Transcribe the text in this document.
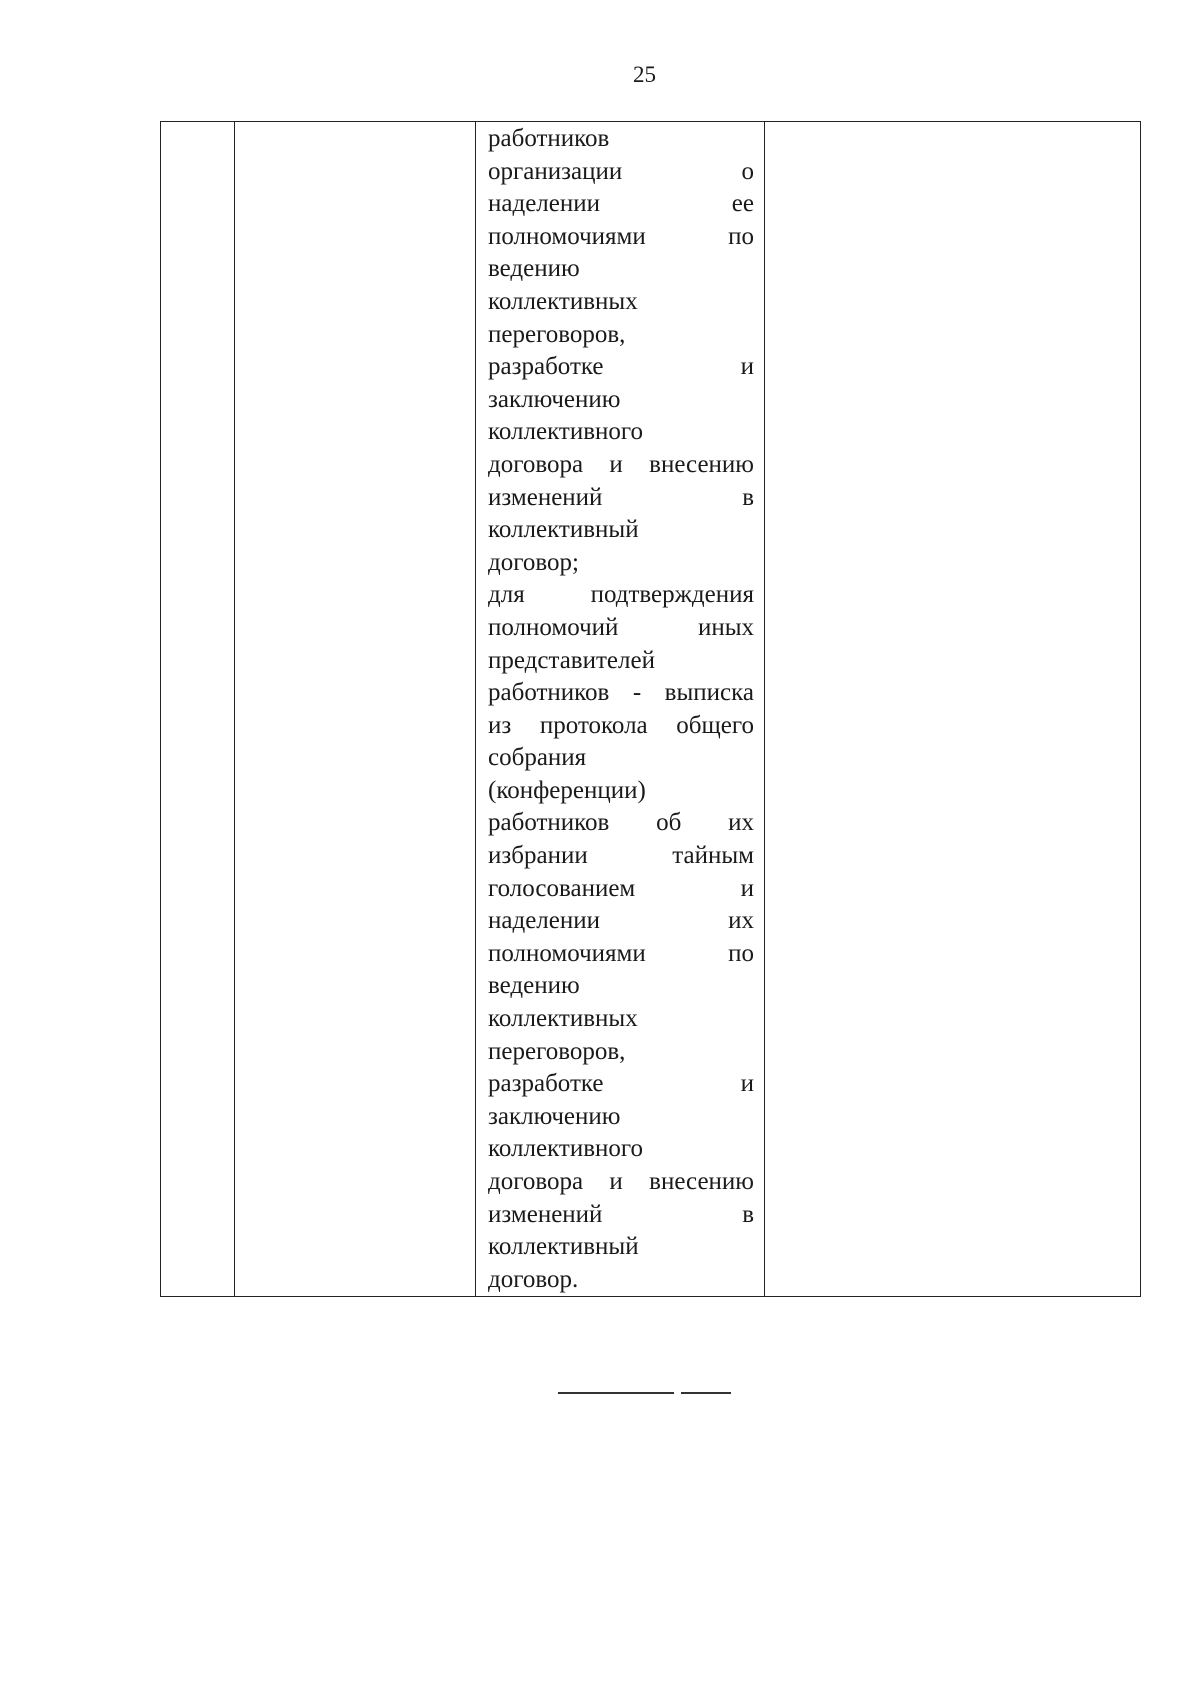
25

работников
организации	о
наделении	ее
полномочиями	по
ведению
коллективных
переговоров,
разработке	и
заключению
коллективного
договора и внесению
изменений	в
коллективный
договор;
для	подтверждения
полномочий	иных
представителей
работников - выписка
из протокола общего
собрания
(конференции)
работников об их
избрании	тайным
голосованием	и
наделении	их
полномочиями	по
ведению
коллективных
переговоров,
разработке	и
заключению
коллективного
договора и внесению
изменений	в
коллективный
договор.
